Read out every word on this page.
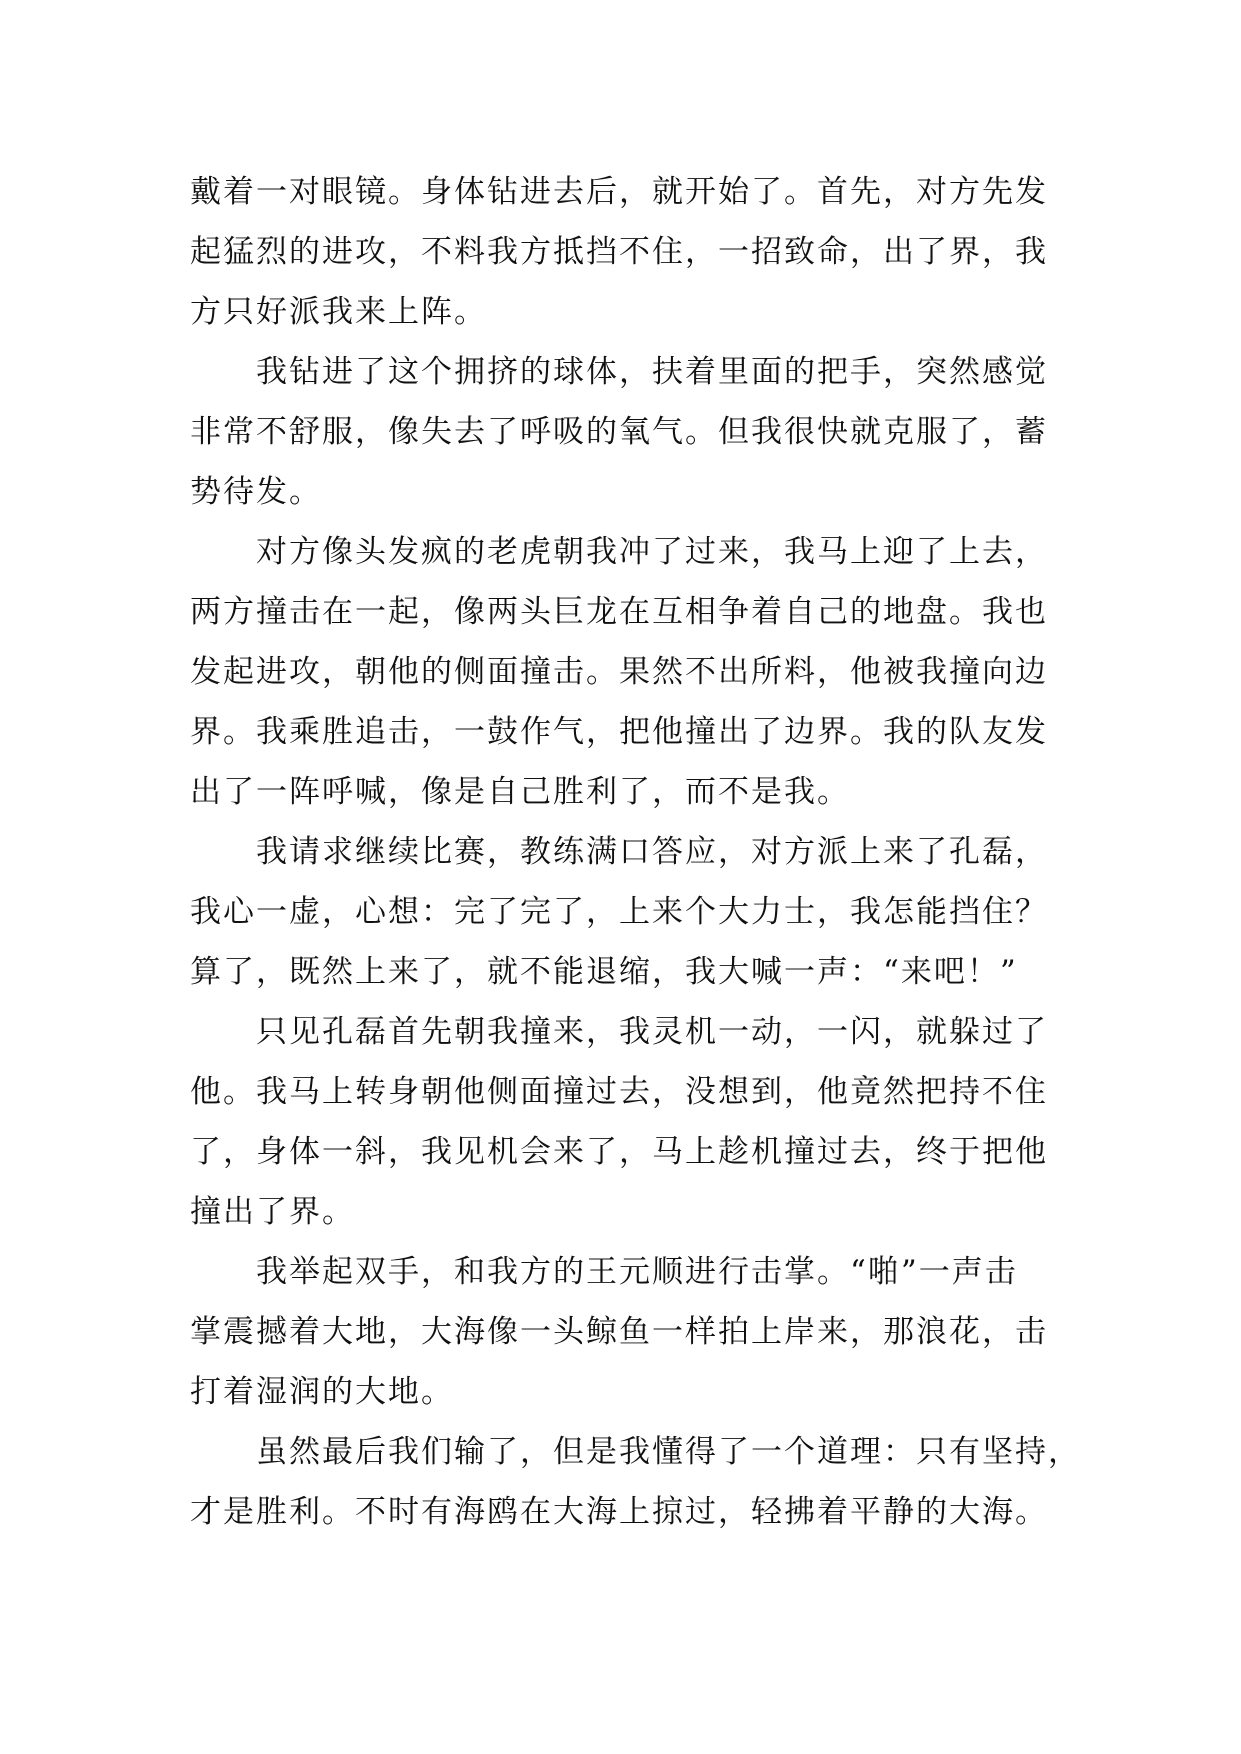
戴着一对眼镜。身体钻进去后，就开始了。首先，对方先发
起猛烈的进攻，不料我方抵挡不住，一招致命，出了界，我
方只好派我来上阵。
我钻进了这个拥挤的球体，扶着里面的把手，突然感觉
非常不舒服，像失去了呼吸的氧气。但我很快就克服了，蓄
势待发。
对方像头发疯的老虎朝我冲了过来，我马上迎了上去，
两方撞击在一起，像两头巨龙在互相争着自己的地盘。我也
发起进攻，朝他的侧面撞击。果然不出所料，他被我撞向边
界。我乘胜追击，一鼓作气，把他撞出了边界。我的队友发
出了一阵呼喊，像是自己胜利了，而不是我。
我请求继续比赛，教练满口答应，对方派上来了孔磊，
我心一虚，心想：完了完了，上来个大力士，我怎能挡住？
算了，既然上来了，就不能退缩，我大喊一声：“来吧！”
只见孔磊首先朝我撞来，我灵机一动，一闪，就躲过了
他。我马上转身朝他侧面撞过去，没想到，他竟然把持不住
了，身体一斜，我见机会来了，马上趁机撞过去，终于把他
撞出了界。
我举起双手，和我方的王元顺进行击掌。“啪”一声击
掌震撼着大地，大海像一头鲸鱼一样拍上岸来，那浪花，击
打着湿润的大地。
虽然最后我们输了，但是我懂得了一个道理：只有坚持，
才是胜利。不时有海鸥在大海上掠过，轻拂着平静的大海。
